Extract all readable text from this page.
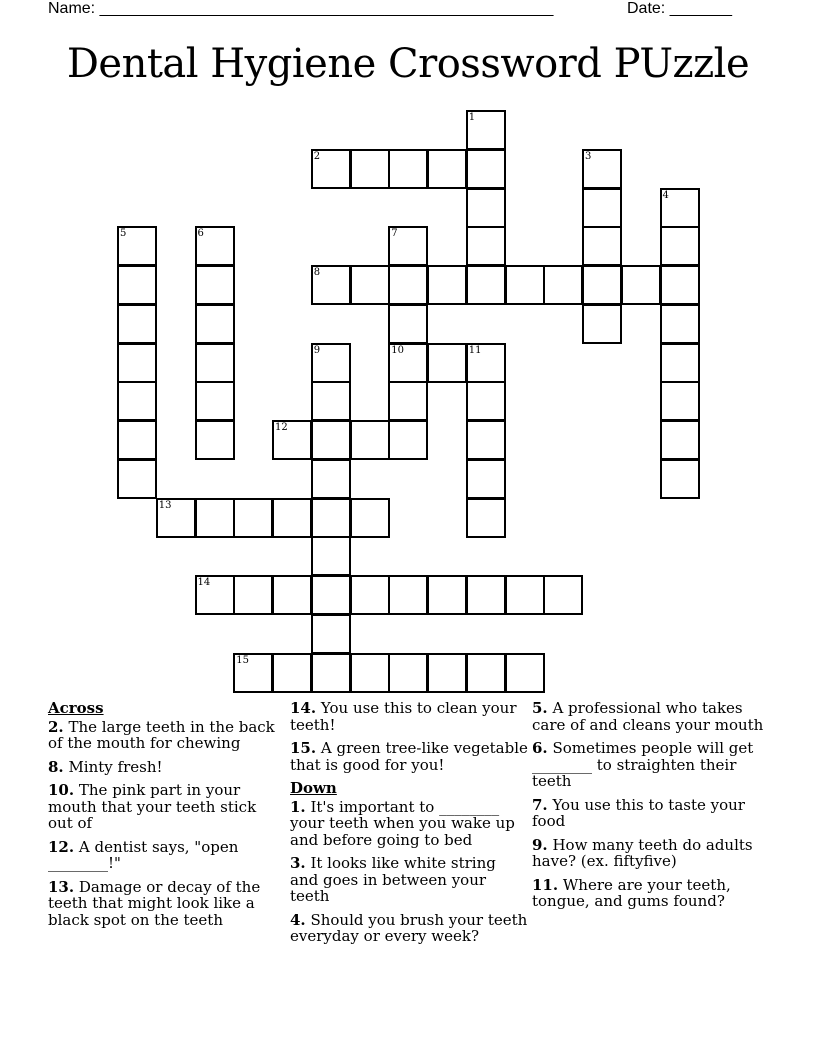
Name: ___________________________________________________	Date: _______
Dental Hygiene Crossword PUzzle
1
2	3
4
5	6	7
8
9	10	11
12
13
14
15
Across
2. The large teeth in the back of the mouth for chewing
8. Minty fresh!
10. The pink part in your mouth that your teeth stick out of
12. A dentist says, "open ________!"
13. Damage or decay of the teeth that might look like a black spot on the teeth
14. You use this to clean your teeth!
15. A green tree-like vegetable that is good for you!
Down
1. It's important to ________ your teeth when you wake up and before going to bed
3. It looks like white string and goes in between your teeth
4. Should you brush your teeth everyday or every week?
5. A professional who takes care of and cleans your mouth
6. Sometimes people will get ________ to straighten their teeth
7. You use this to taste your food
9. How many teeth do adults have? (ex. fiftyfive)
11. Where are your teeth, tongue, and gums found?
